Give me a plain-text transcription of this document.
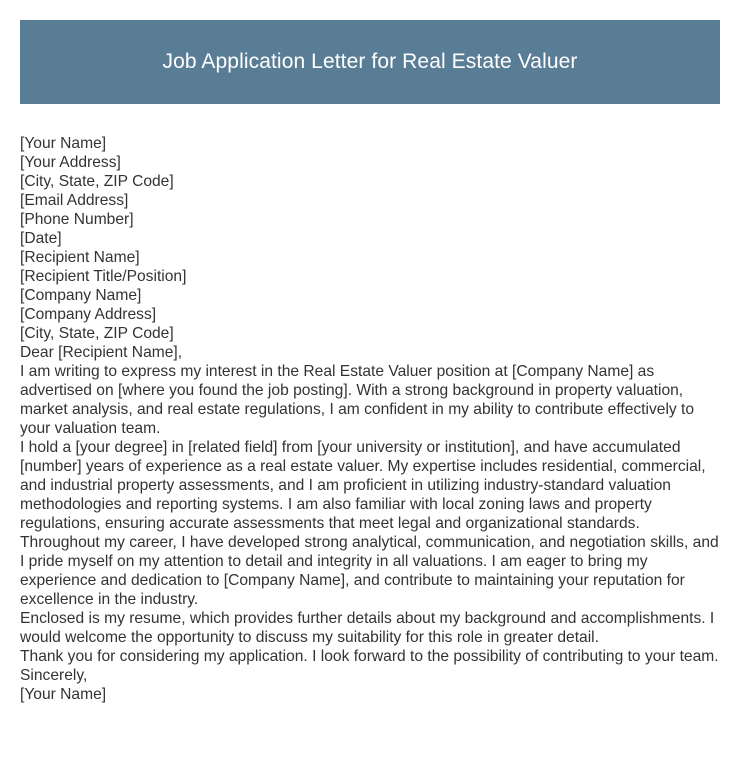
Job Application Letter for Real Estate Valuer

[Your Name]

[Your Address]

[City, State, ZIP Code]

[Email Address]

[Phone Number]

[Date]

[Recipient Name]

[Recipient Title/Position]

[Company Name]

[Company Address]

[City, State, ZIP Code]

Dear [Recipient Name],

I am writing to express my interest in the Real Estate Valuer position at [Company Name] as advertised on [where you found the job posting]. With a strong background in property valuation, market analysis, and real estate regulations, I am confident in my ability to contribute effectively to your valuation team.

I hold a [your degree] in [related field] from [your university or institution], and have accumulated [number] years of experience as a real estate valuer. My expertise includes residential, commercial, and industrial property assessments, and I am proficient in utilizing industry-standard valuation methodologies and reporting systems. I am also familiar with local zoning laws and property regulations, ensuring accurate assessments that meet legal and organizational standards.

Throughout my career, I have developed strong analytical, communication, and negotiation skills, and I pride myself on my attention to detail and integrity in all valuations. I am eager to bring my experience and dedication to [Company Name], and contribute to maintaining your reputation for excellence in the industry.

Enclosed is my resume, which provides further details about my background and accomplishments. I would welcome the opportunity to discuss my suitability for this role in greater detail.

Thank you for considering my application. I look forward to the possibility of contributing to your team.

Sincerely,

[Your Name]
